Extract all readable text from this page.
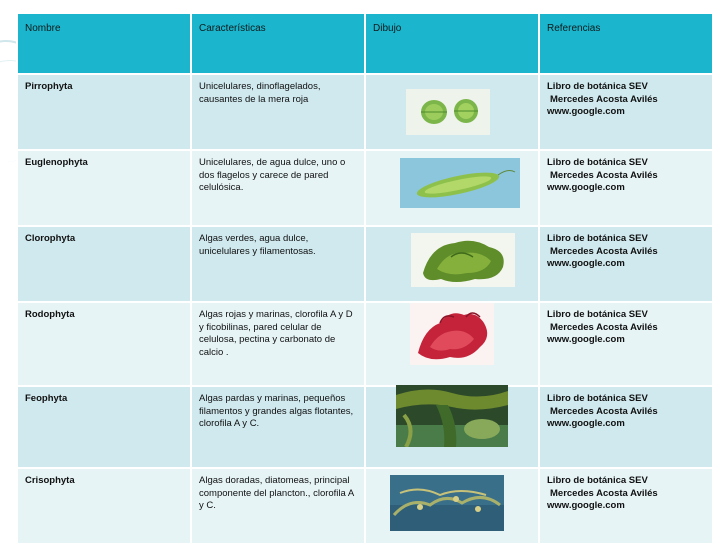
Nombre	Características	Dibujo	Referencias
Pirrophyta	Unicelulares, dinoflagelados, causantes de la mera roja		Libro de botánica SEV
Mercedes Acosta Avilés
www.google.com

Euglenophyta	Unicelulares, de agua dulce, uno o dos flagelos y carece de pared celulósica.		Libro de botánica SEV
Mercedes Acosta Avilés
www.google.com

Clorophyta	Algas verdes, agua dulce, unicelulares y filamentosas.		Libro de botánica SEV
Mercedes Acosta Avilés
www.google.com

Rodophyta	Algas rojas y marinas, clorofila A y D y ficobilinas, pared celular de celulosa, pectina y carbonato de calcio .		Libro de botánica SEV
Mercedes Acosta Avilés
www.google.com

Feophyta	Algas pardas y marinas, pequeños filamentos y grandes algas flotantes, clorofila A y C.		Libro de botánica SEV
Mercedes Acosta Avilés
www.google.com

Crisophyta	Algas doradas, diatomeas, principal componente del plancton., clorofila A y C.		Libro de botánica SEV
Mercedes Acosta Avilés
www.google.com
